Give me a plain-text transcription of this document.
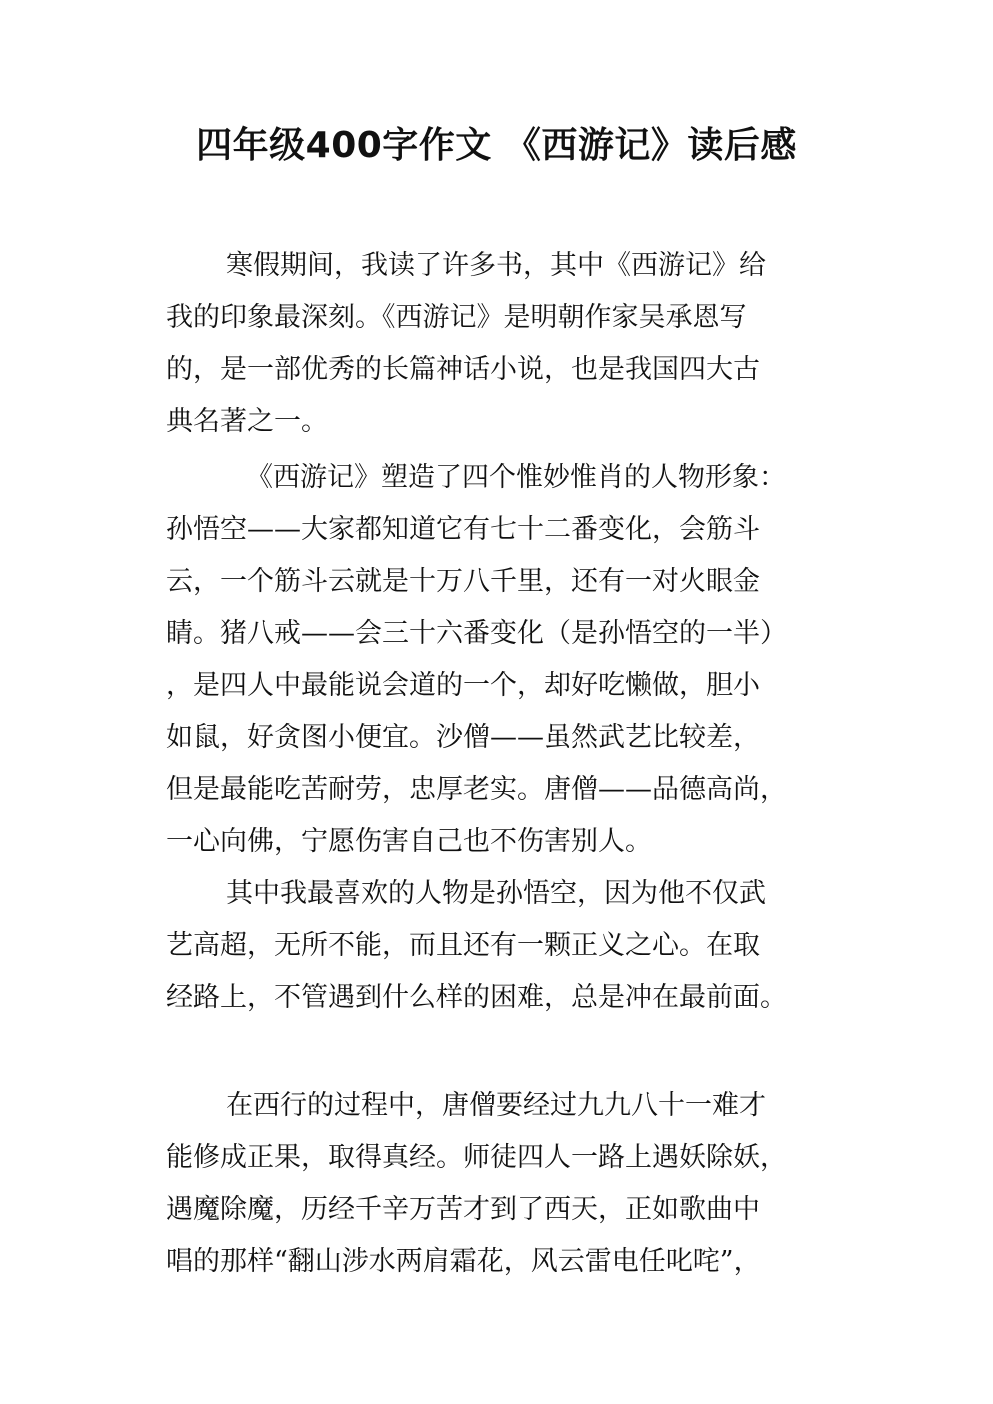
四年级400字作文 《西游记》读后感
寒假期间，我读了许多书，其中《西游记》给
我的印象最深刻。《西游记》是明朝作家吴承恩写
的，是一部优秀的长篇神话小说，也是我国四大古
典名著之一。
《西游记》塑造了四个惟妙惟肖的人物形象：
孙悟空——大家都知道它有七十二番变化，会筋斗
云，一个筋斗云就是十万八千里，还有一对火眼金
睛。猪八戒——会三十六番变化（是孙悟空的一半）
，是四人中最能说会道的一个，却好吃懒做，胆小
如鼠，好贪图小便宜。沙僧——虽然武艺比较差，
但是最能吃苦耐劳，忠厚老实。唐僧——品德高尚，
一心向佛，宁愿伤害自己也不伤害别人。
其中我最喜欢的人物是孙悟空，因为他不仅武
艺高超，无所不能，而且还有一颗正义之心。在取
经路上，不管遇到什么样的困难，总是冲在最前面。
在西行的过程中，唐僧要经过九九八十一难才
能修成正果，取得真经。师徒四人一路上遇妖除妖，
遇魔除魔，历经千辛万苦才到了西天，正如歌曲中
唱的那样“翻山涉水两肩霜花，风云雷电任叱咤”，
